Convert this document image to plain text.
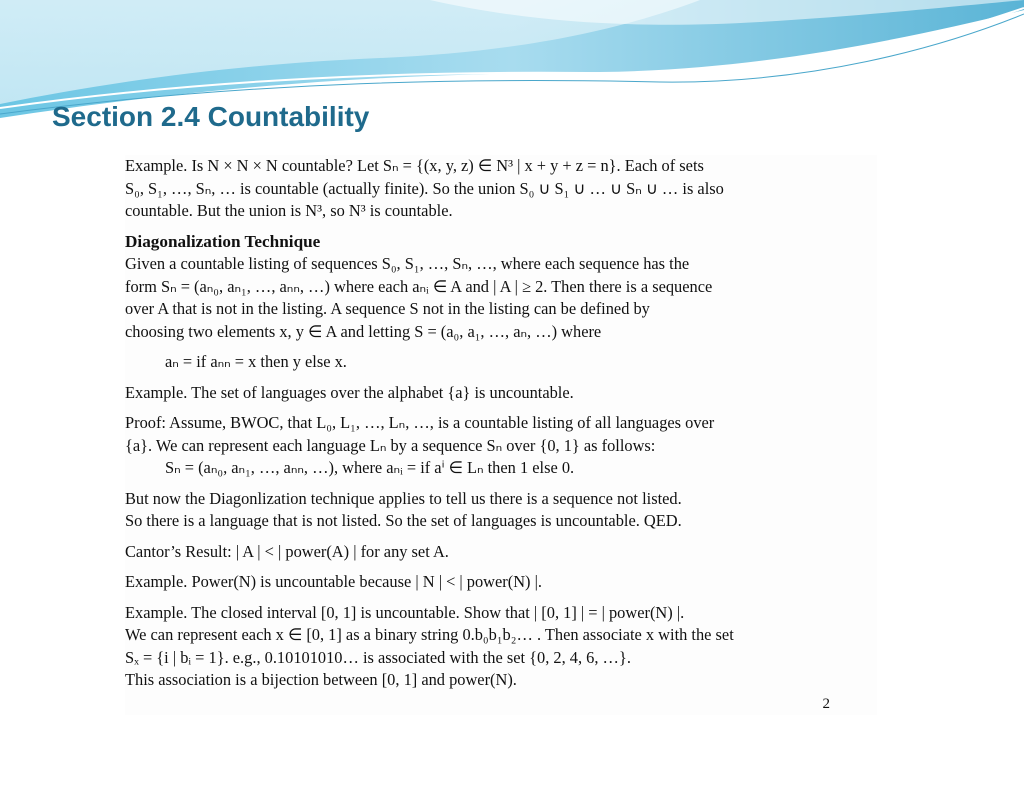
Section 2.4 Countability

Example. Is N × N × N countable? Let Sₙ = {(x, y, z) ∈ N³ | x + y + z = n}. Each of sets

S₀, S₁, …, Sₙ, … is countable (actually finite). So the union S₀ ∪ S₁ ∪ … ∪ Sₙ ∪ … is also

countable. But the union is N³, so N³ is countable.

Diagonalization Technique

Given a countable listing of sequences S₀, S₁, …, Sₙ, …, where each sequence has the

form Sₙ = (aₙ₀, aₙ₁, …, aₙₙ, …) where each aₙᵢ ∈ A and | A | ≥ 2. Then there is a sequence

over A that is not in the listing. A sequence S not in the listing can be defined by

choosing two elements x, y ∈ A and letting S = (a₀, a₁, …, aₙ, …) where

aₙ = if aₙₙ = x then y else x.

Example. The set of languages over the alphabet {a} is uncountable.

Proof: Assume, BWOC, that L₀, L₁, …, Lₙ, …, is a countable listing of all languages over

{a}. We can represent each language Lₙ by a sequence Sₙ over {0, 1} as follows:

Sₙ = (aₙ₀, aₙ₁, …, aₙₙ, …), where aₙᵢ = if aⁱ ∈ Lₙ then 1 else 0.

But now the Diagonlization technique applies to tell us there is a sequence not listed.

So there is a language that is not listed. So the set of languages is uncountable. QED.

Cantor’s Result: | A | < | power(A) | for any set A.

Example. Power(N) is uncountable because | N | < | power(N) |.

Example. The closed interval [0, 1] is uncountable. Show that | [0, 1] | = | power(N) |.

We can represent each x ∈ [0, 1] as a binary string 0.b₀b₁b₂… . Then associate x with the set

Sₓ = {i | bᵢ = 1}. e.g., 0.10101010… is associated with the set {0, 2, 4, 6, …}.

This association is a bijection between [0, 1] and power(N).

2
